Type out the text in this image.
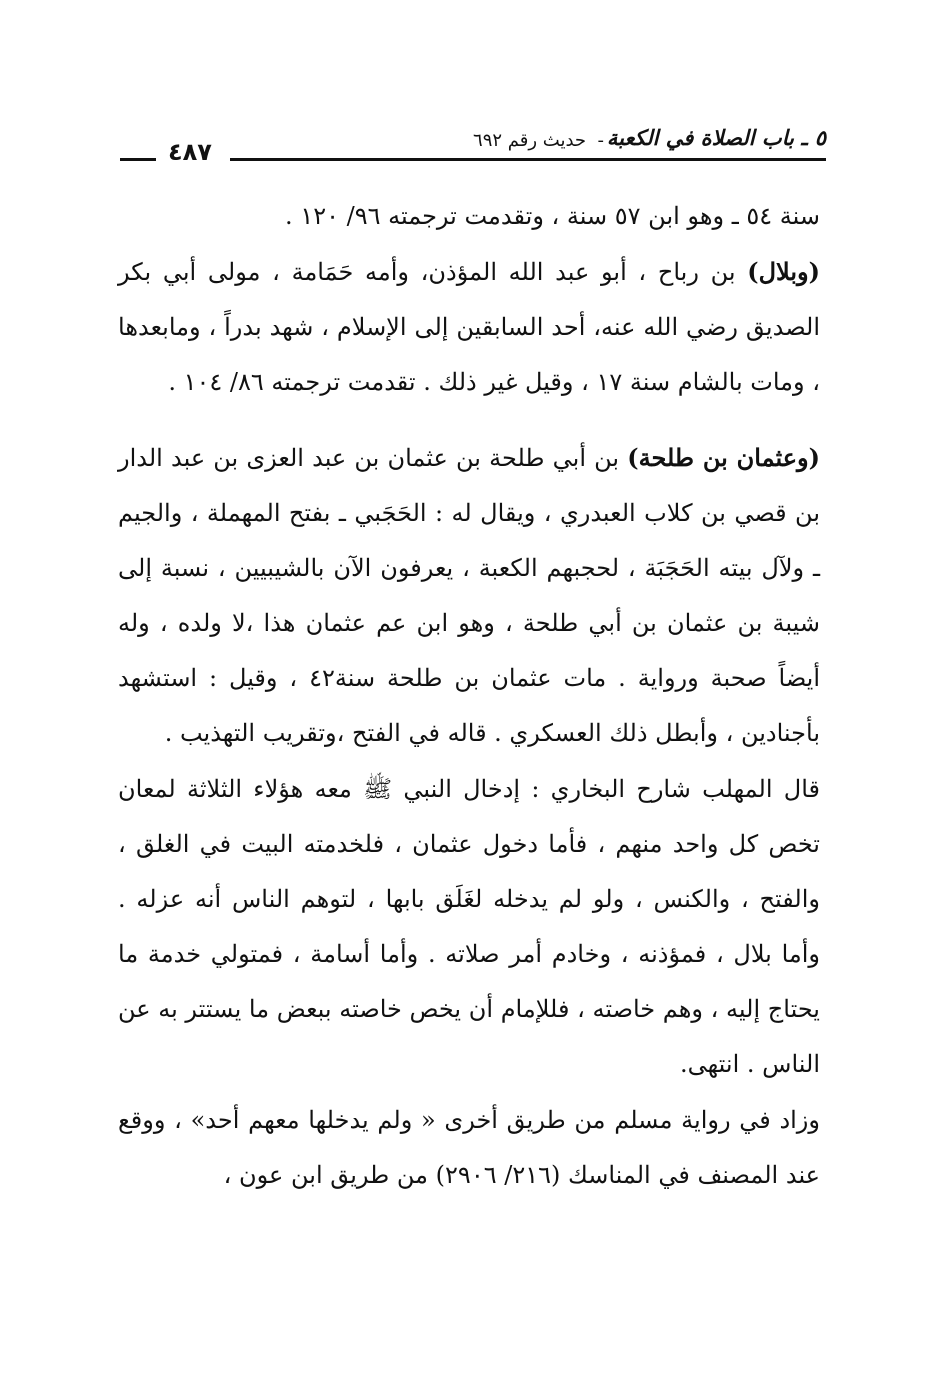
٥ ـ باب الصلاة في الكعبة
-  حديث رقم ٦٩٢
٤٨٧

سنة ٥٤ ـ وهو ابن ٥٧ سنة ، وتقدمت ترجمته ٩٦/ ١٢٠ .

(وبلال) بن رباح ، أبو عبد الله المؤذن، وأمه حَمَامة ، مولى أبي بكر الصديق رضي الله عنه، أحد السابقين إلى الإسلام ، شهد بدراً ، ومابعدها ، ومات بالشام سنة ١٧ ، وقيل غير ذلك . تقدمت ترجمته ٨٦/ ١٠٤ .

(وعثمان بن طلحة) بن أبي طلحة بن عثمان بن عبد العزى بن عبد الدار بن قصي بن كلاب العبدري ، ويقال له : الحَجَبي ـ بفتح المهملة ، والجيم ـ ولآل بيته الحَجَبَة ، لحجبهم الكعبة ، يعرفون الآن بالشيبيين ، نسبة إلى شيبة بن عثمان بن أبي طلحة ، وهو ابن عم عثمان هذا ،لا ولده ، وله أيضاً صحبة ورواية . مات عثمان بن طلحة سنة٤٢ ، وقيل : استشهد بأجنادين ، وأبطل ذلك العسكري . قاله في الفتح ،وتقريب التهذيب .

قال المهلب شارح البخاري : إدخال النبي ﷺ معه هؤلاء الثلاثة لمعان تخص كل واحد منهم ، فأما دخول عثمان ، فلخدمته البيت في الغلق ، والفتح ، والكنس ، ولو لم يدخله لغَلَق بابها ، لتوهم الناس أنه عزله . وأما بلال ، فمؤذنه ، وخادم أمر صلاته . وأما أسامة ، فمتولي خدمة ما يحتاج إليه ، وهم خاصته ، فللإمام أن يخص خاصته ببعض ما يستتر به عن الناس . انتهى.

وزاد في رواية مسلم من طريق أخرى « ولم يدخلها معهم أحد» ، ووقع عند المصنف في المناسك (٢١٦/ ٢٩٠٦) من طريق ابن عون ،
